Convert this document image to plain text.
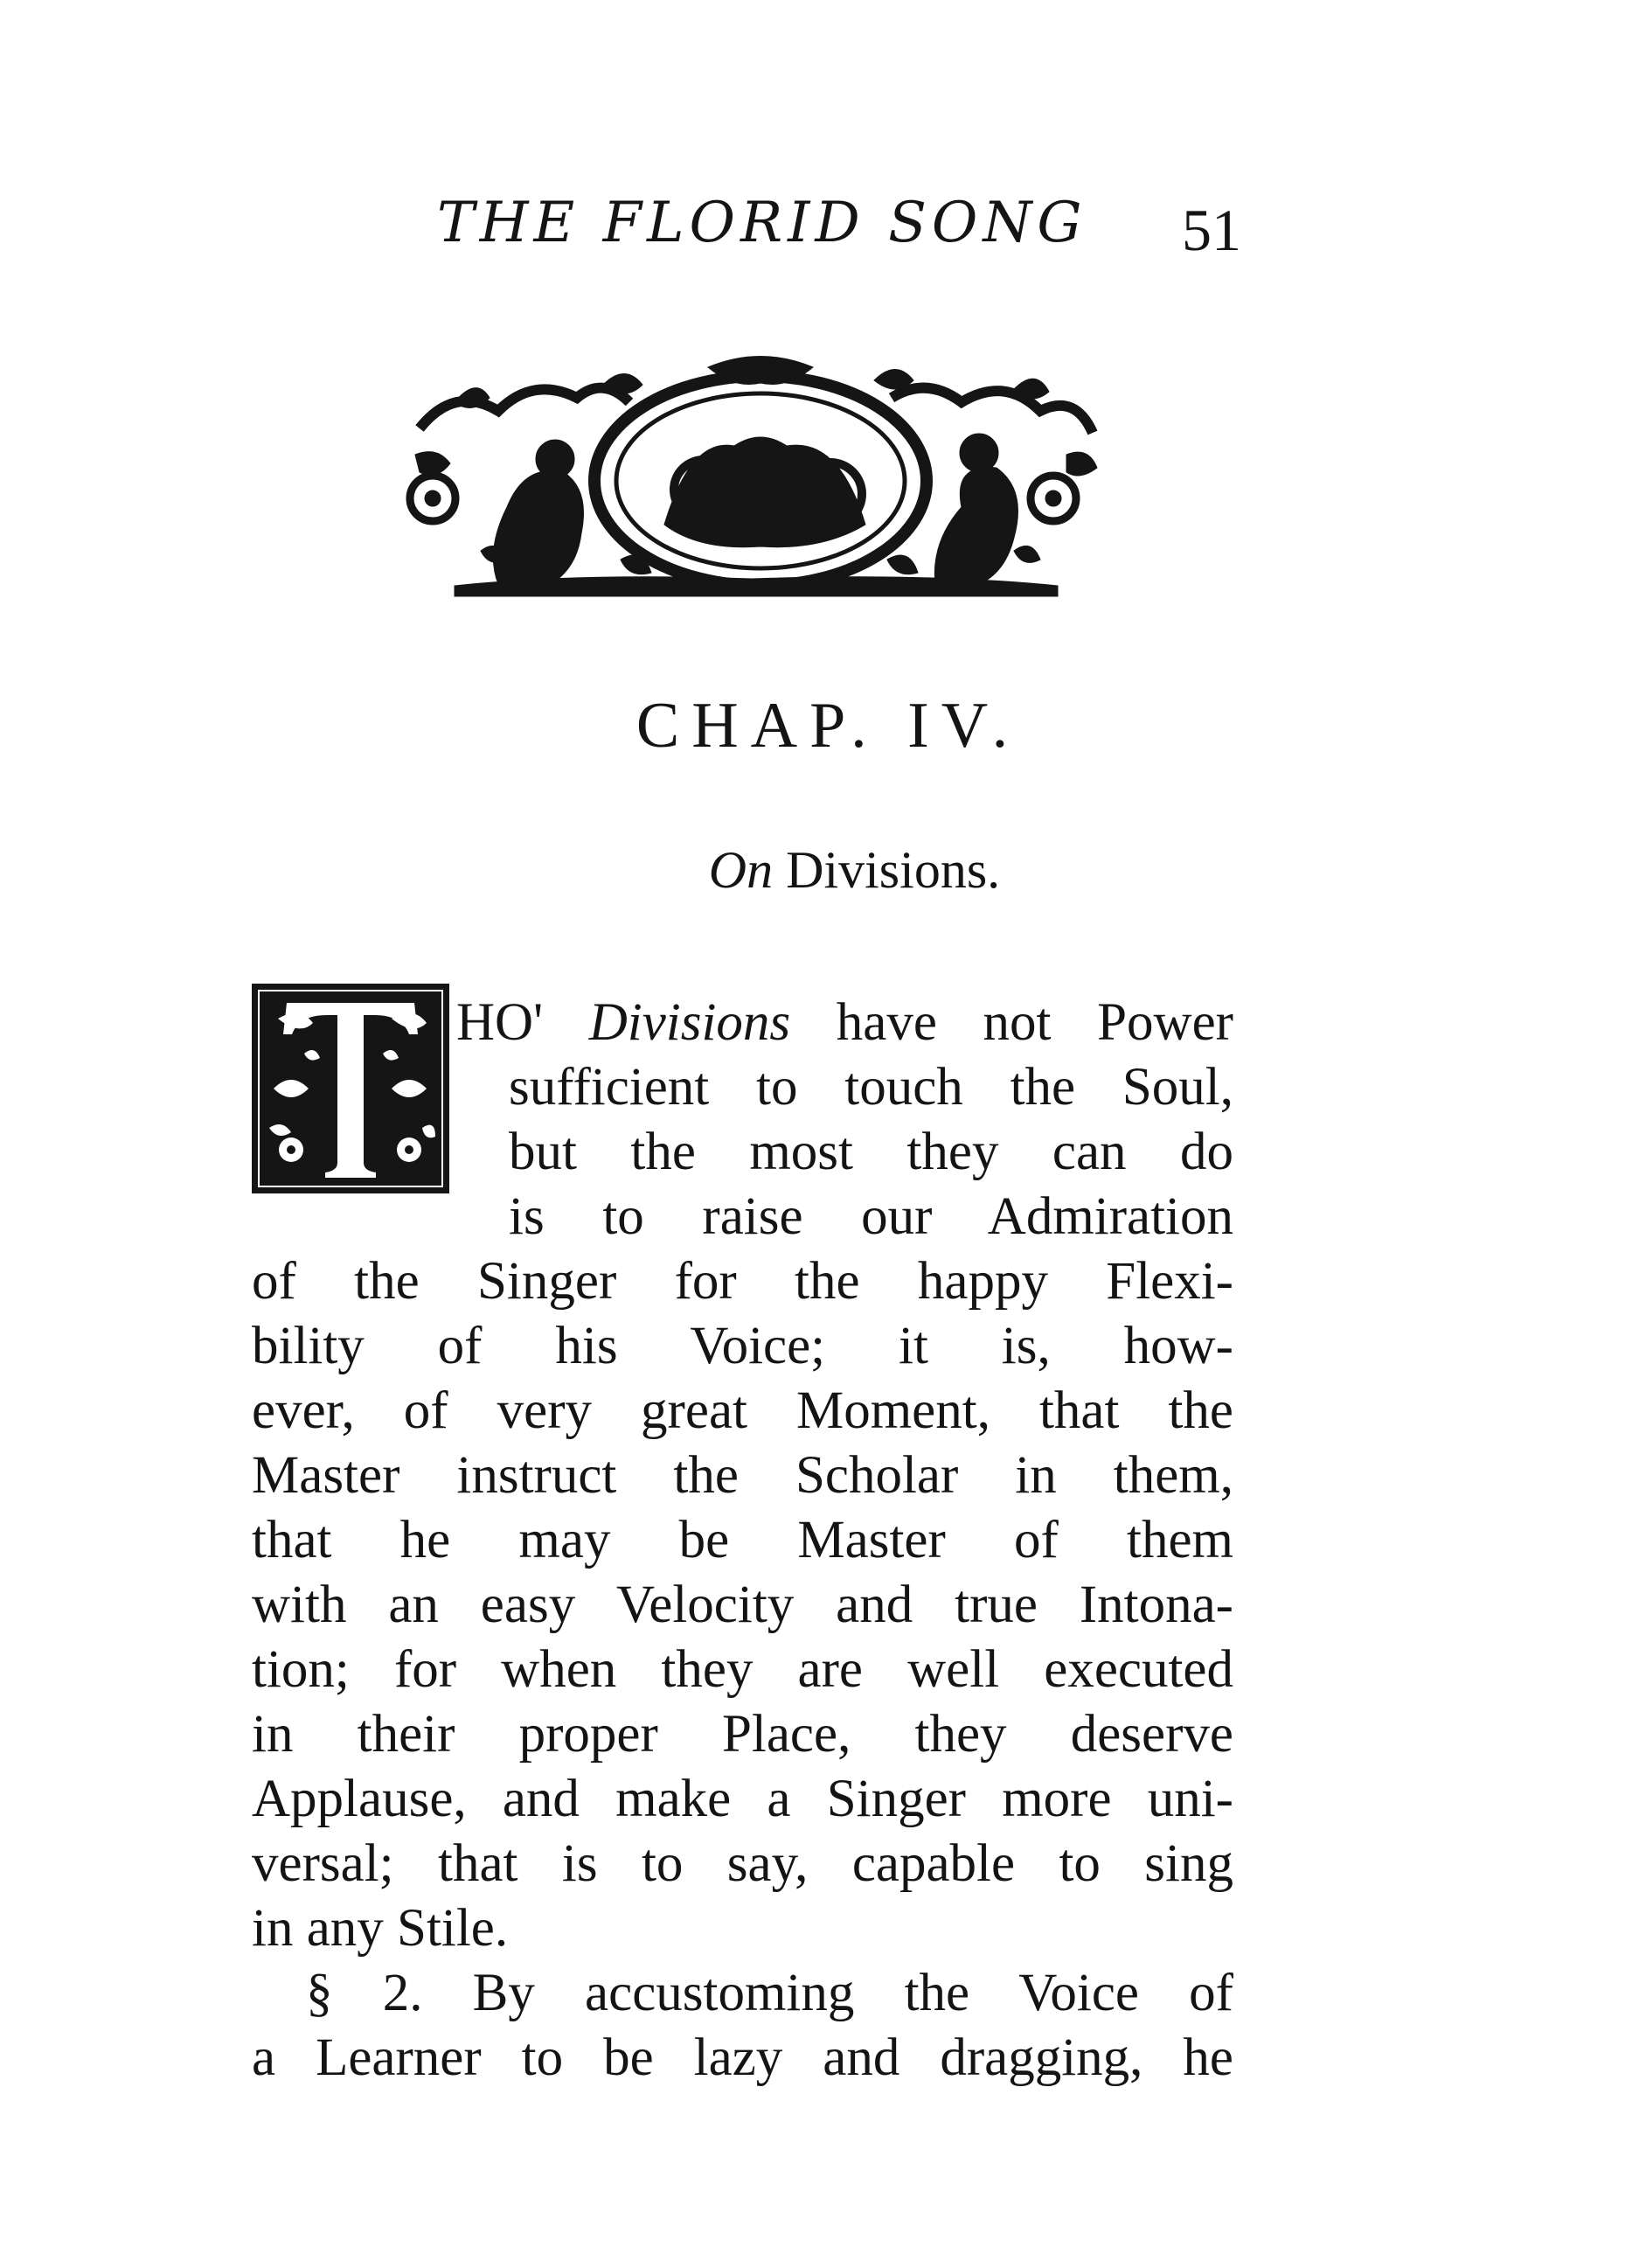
THE FLORID SONG 51
CHAP. IV.
On Divisions.
T
HO' Divisions have not Power
sufficient to touch the Soul,
but the most they can do
is to raise our Admiration
of the Singer for the happy Flexi-
bility of his Voice; it is, how-
ever, of very great Moment, that the
Master instruct the Scholar in them,
that he may be Master of them
with an easy Velocity and true Intona-
tion; for when they are well executed
in their proper Place, they deserve
Applause, and make a Singer more uni-
versal; that is to say, capable to sing
in any Stile.
§ 2. By accustoming the Voice of
a Learner to be lazy and dragging, he
